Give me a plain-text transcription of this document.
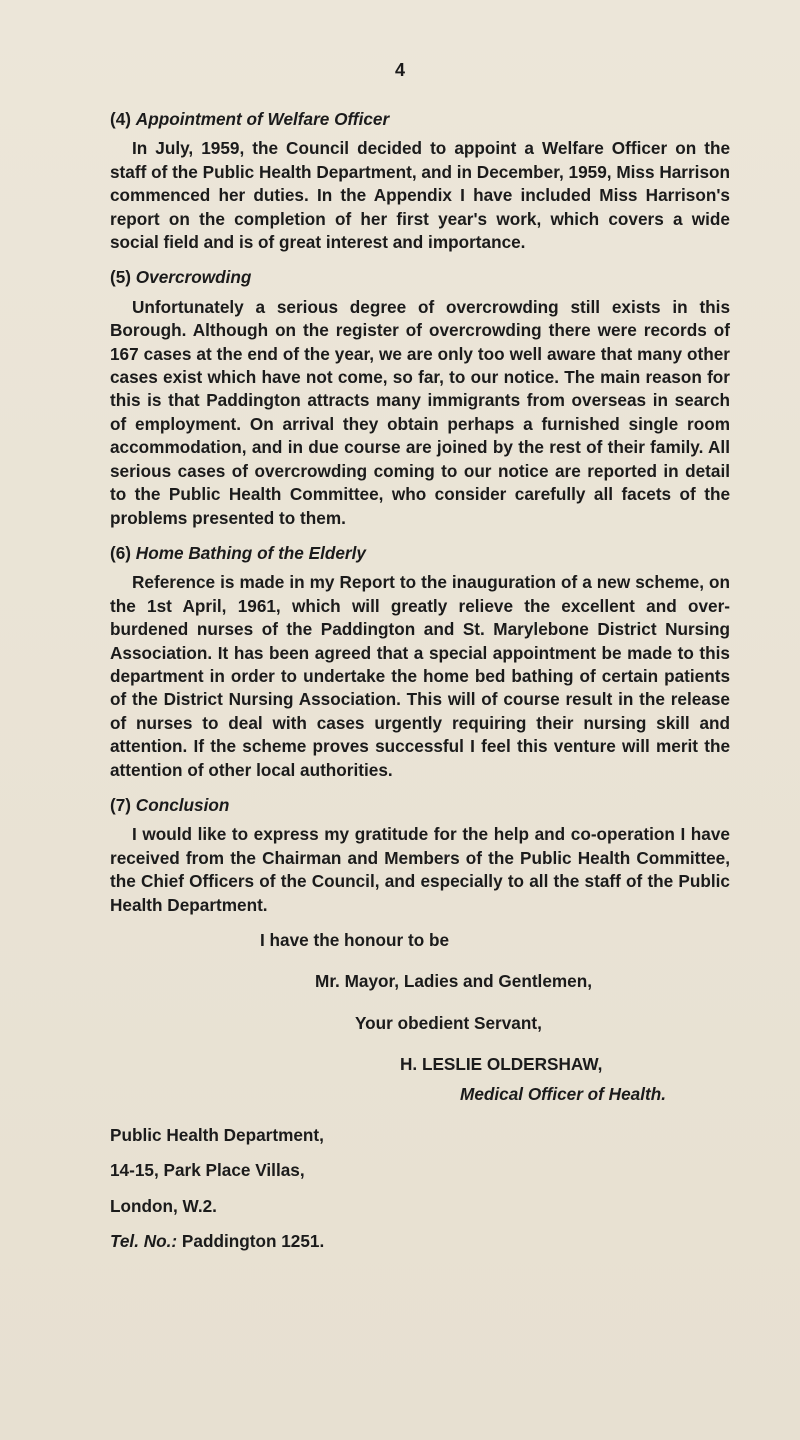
4
(4) Appointment of Welfare Officer

In July, 1959, the Council decided to appoint a Welfare Officer on the staff of the Public Health Department, and in December, 1959, Miss Harrison commenced her duties. In the Appendix I have included Miss Harrison's report on the completion of her first year's work, which covers a wide social field and is of great interest and importance.

(5) Overcrowding

Unfortunately a serious degree of overcrowding still exists in this Borough. Although on the register of overcrowding there were records of 167 cases at the end of the year, we are only too well aware that many other cases exist which have not come, so far, to our notice. The main reason for this is that Paddington attracts many immigrants from overseas in search of employment. On arrival they obtain perhaps a furnished single room accommodation, and in due course are joined by the rest of their family. All serious cases of overcrowding coming to our notice are reported in detail to the Public Health Committee, who consider carefully all facets of the problems presented to them.

(6) Home Bathing of the Elderly

Reference is made in my Report to the inauguration of a new scheme, on the 1st April, 1961, which will greatly relieve the excellent and over-burdened nurses of the Paddington and St. Marylebone District Nursing Association. It has been agreed that a special appointment be made to this department in order to undertake the home bed bathing of certain patients of the District Nursing Association. This will of course result in the release of nurses to deal with cases urgently requiring their nursing skill and attention. If the scheme proves successful I feel this venture will merit the attention of other local authorities.

(7) Conclusion

I would like to express my gratitude for the help and co-operation I have received from the Chairman and Members of the Public Health Committee, the Chief Officers of the Council, and especially to all the staff of the Public Health Department.

I have the honour to be
Mr. Mayor, Ladies and Gentlemen,
Your obedient Servant,
H. LESLIE OLDERSHAW,
Medical Officer of Health.
Public Health Department,
14-15, Park Place Villas,
London, W.2.
Tel. No.: Paddington 1251.
